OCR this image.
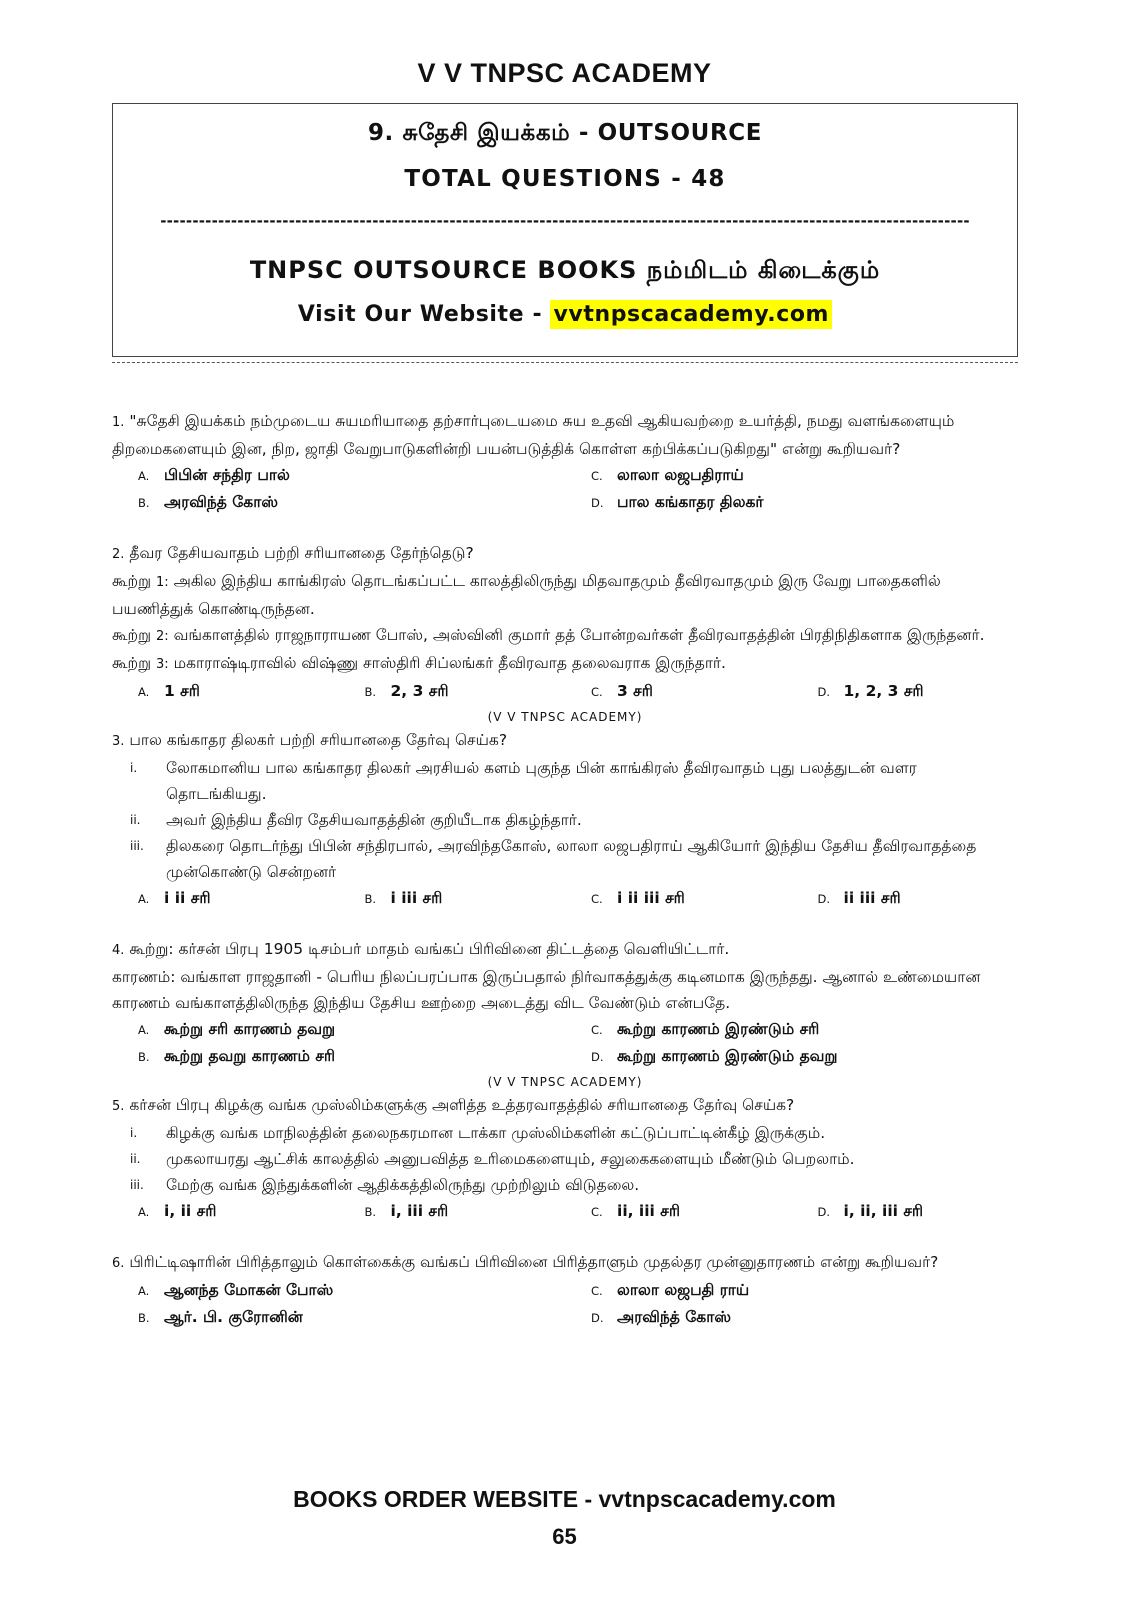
V V TNPSC ACADEMY
9. சுதேசி இயக்கம் - OUTSOURCE
TOTAL QUESTIONS - 48
------------------------------------------------------------------------------------------------------------------------------
TNPSC OUTSOURCE BOOKS நம்மிடம் கிடைக்கும்
Visit Our Website - vvtnpscacademy.com

1. "சுதேசி இயக்கம் நம்முடைய சுயமரியாதை தற்சார்புடையமை சுய உதவி ஆகியவற்றை உயர்த்தி, நமது வளங்களையும் திறமைகளையும் இன, நிற, ஜாதி வேறுபாடுகளின்றி பயன்படுத்திக் கொள்ள கற்பிக்கப்படுகிறது" என்று கூறியவர்?

A. பிபின் சந்திர பால்	C. லாலா லஜபதிராய்
B. அரவிந்த் கோஸ்	D. பால கங்காதர திலகர்

2. தீவர தேசியவாதம் பற்றி சரியானதை தேர்ந்தெடு?

கூற்று 1: அகில இந்திய காங்கிரஸ் தொடங்கப்பட்ட காலத்திலிருந்து மிதவாதமும் தீவிரவாதமும் இரு வேறு பாதைகளில் பயணித்துக் கொண்டிருந்தன.

கூற்று 2: வங்காளத்தில் ராஜநாராயண போஸ், அஸ்வினி குமார் தத் போன்றவர்கள் தீவிரவாதத்தின் பிரதிநிதிகளாக இருந்தனர்.

கூற்று 3: மகாராஷ்டிராவில் விஷ்ணு சாஸ்திரி சிப்லங்கர் தீவிரவாத தலைவராக இருந்தார்.

A. 1 சரி	B. 2, 3 சரி	C. 3 சரி	D. 1, 2, 3 சரி

(V V TNPSC ACADEMY)

3. பால கங்காதர திலகர் பற்றி சரியானதை தேர்வு செய்க?

i.	லோகமானிய பால கங்காதர திலகர் அரசியல் களம் புகுந்த பின் காங்கிரஸ் தீவிரவாதம் புது பலத்துடன் வளர தொடங்கியது.
ii.	அவர் இந்திய தீவிர தேசியவாதத்தின் குறியீடாக திகழ்ந்தார்.
iii.	திலகரை தொடர்ந்து பிபின் சந்திரபால், அரவிந்தகோஸ், லாலா லஜபதிராய் ஆகியோர் இந்திய தேசிய தீவிரவாதத்தை முன்கொண்டு சென்றனர்
A. i ii சரி	B. i iii சரி	C. i ii iii சரி	D. ii iii சரி

4. கூற்று: கர்சன் பிரபு 1905 டிசம்பர் மாதம் வங்கப் பிரிவினை திட்டத்தை வெளியிட்டார்.

காரணம்: வங்காள ராஜதானி - பெரிய நிலப்பரப்பாக இருப்பதால் நிர்வாகத்துக்கு கடினமாக இருந்தது. ஆனால் உண்மையான காரணம் வங்காளத்திலிருந்த இந்திய தேசிய ஊற்றை அடைத்து விட வேண்டும் என்பதே.

A. கூற்று சரி காரணம் தவறு	C. கூற்று காரணம் இரண்டும் சரி
B. கூற்று தவறு காரணம் சரி	D. கூற்று காரணம் இரண்டும் தவறு

(V V TNPSC ACADEMY)

5. கர்சன் பிரபு கிழக்கு வங்க முஸ்லிம்களுக்கு அளித்த உத்தரவாதத்தில் சரியானதை தேர்வு செய்க?

i.	கிழக்கு வங்க மாநிலத்தின் தலைநகரமான டாக்கா முஸ்லிம்களின் கட்டுப்பாட்டின்கீழ் இருக்கும்.
ii.	முகலாயரது ஆட்சிக் காலத்தில் அனுபவித்த உரிமைகளையும், சலுகைகளையும் மீண்டும் பெறலாம்.
iii.	மேற்கு வங்க இந்துக்களின் ஆதிக்கத்திலிருந்து முற்றிலும் விடுதலை.
A. i, ii சரி	B. i, iii சரி	C. ii, iii சரி	D. i, ii, iii சரி

6. பிரிட்டிஷாரின் பிரித்தாலும் கொள்கைக்கு வங்கப் பிரிவினை பிரித்தாளும் முதல்தர முன்னுதாரணம் என்று கூறியவர்?

A. ஆனந்த மோகன் போஸ்	C. லாலா லஜபதி ராய்
B. ஆர். பி. குரோனின்	D. அரவிந்த் கோஸ்
BOOKS ORDER WEBSITE - vvtnpscacademy.com
65
